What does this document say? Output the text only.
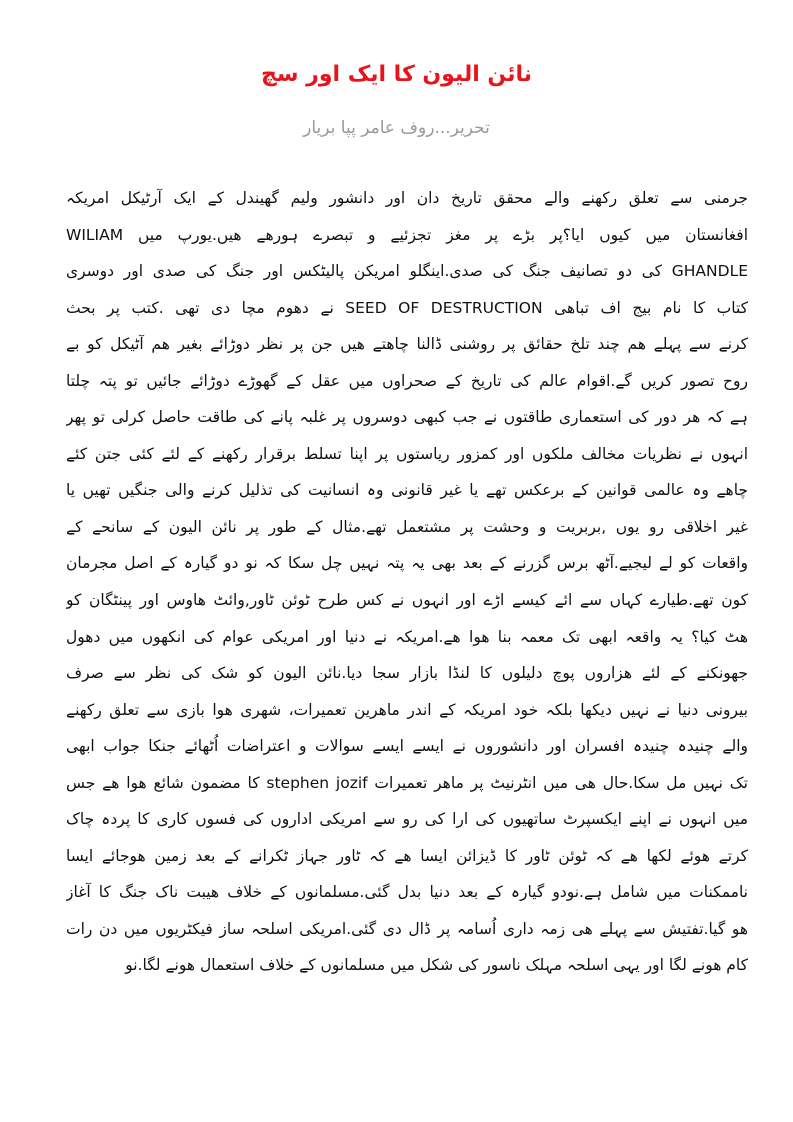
نائن الیون کا ایک اور سچ
تحریر...روف عامر پپا بریار
جرمنی سے تعلق رکھنے والے محقق تاریخ دان اور دانشور ولیم گھیندل کے ایک آرٹیکل امریکہ
افغانستان میں کیوں ایا؟پر بڑے پر مغز تجزئیے و تبصرے ہورھے ھیں.یورپ میں WILIAM
GHANDLE کی دو تصانیف جنگ کی صدی.اینگلو امریکن پالیٹکس اور جنگ کی صدی اور دوسری
کتاب کا نام بیج اف تباھی SEED OF DESTRUCTION نے دھوم مچا دی تھی .کتب پر بحث
کرنے سے پہلے ھم چند تلخ حقائق پر روشنی ڈالنا چاھتے ھیں جن پر نظر دوڑائے بغیر ھم آٹیکل کو بے
روح تصور کریں گے.اقوام عالم کی تاریخ کے صحراوں میں عقل کے گھوڑے دوڑائے جائیں تو پتہ چلتا
ہے کہ ھر دور کی استعماری طاقتوں نے جب کبھی دوسروں پر غلبہ پانے کی طاقت حاصل کرلی تو پھر
انہوں نے نظریات مخالف ملکوں اور کمزور ریاستوں پر اپنا تسلط برقرار رکھنے کے لئے کئی جتن کئے
چاھے وہ عالمی قوانین کے برعکس تھے یا غیر قانونی وہ انسانیت کی تذلیل کرنے والی جنگیں تھیں یا
غیر اخلاقی رو یوں ,بربریت و وحشت پر مشتعمل تھے.مثال کے طور پر نائن الیون کے سانحے کے
واقعات کو لے لیجیے.آٹھ برس گزرنے کے بعد بھی یہ پتہ نہیں چل سکا کہ نو دو گیارہ کے اصل مجرمان
کون تھے.طیارے کہاں سے ائے کیسے اڑے اور انہوں نے کس طرح ٹوئن ٹاور,وائٹ ھاوس اور پینٹگان کو
ھٹ کیا؟ یہ واقعہ ابھی تک معمہ بنا ھوا ھے.امریکہ نے دنیا اور امریکی عوام کی انکھوں میں دھول
جھونکنے کے لئے ھزاروں پوچ دلیلوں کا لنڈا بازار سجا دیا.نائن الیون کو شک کی نظر سے صرف
بیرونی دنیا نے نہیں دیکھا بلکہ خود امریکہ کے اندر ماھرین تعمیرات، شھری ھوا بازی سے تعلق رکھنے
والے چنیدہ چنیدہ افسران اور دانشوروں نے ایسے ایسے سوالات و اعتراضات اُٹھائے جنکا جواب ابھی
تک نہیں مل سکا.حال ھی میں انٹرنیٹ پر ماھر تعمیرات stephen jozif کا مضمون شائع ھوا ھے جس
میں انہوں نے اپنے ایکسپرٹ ساتھیوں کی ارا کی رو سے امریکی اداروں کی فسوں کاری کا پردہ چاک
کرتے ھوئے لکھا ھے کہ ٹوئن ٹاور کا ڈیزائن ایسا ھے کہ ٹاور جہاز ٹکرانے کے بعد زمین ھوجائے ایسا
ناممکنات میں شامل ہے.نودو گیارہ کے بعد دنیا بدل گئی.مسلمانوں کے خلاف ھیبت ناک جنگ کا آغاز
ھو گیا.تفتیش سے پہلے ھی زمہ داری اُسامہ پر ڈال دی گئی.امریکی اسلحہ ساز فیکٹریوں میں دن رات
کام ھونے لگا اور یہی اسلحہ مہلک ناسور کی شکل میں مسلمانوں کے خلاف استعمال ھونے لگا.نو
